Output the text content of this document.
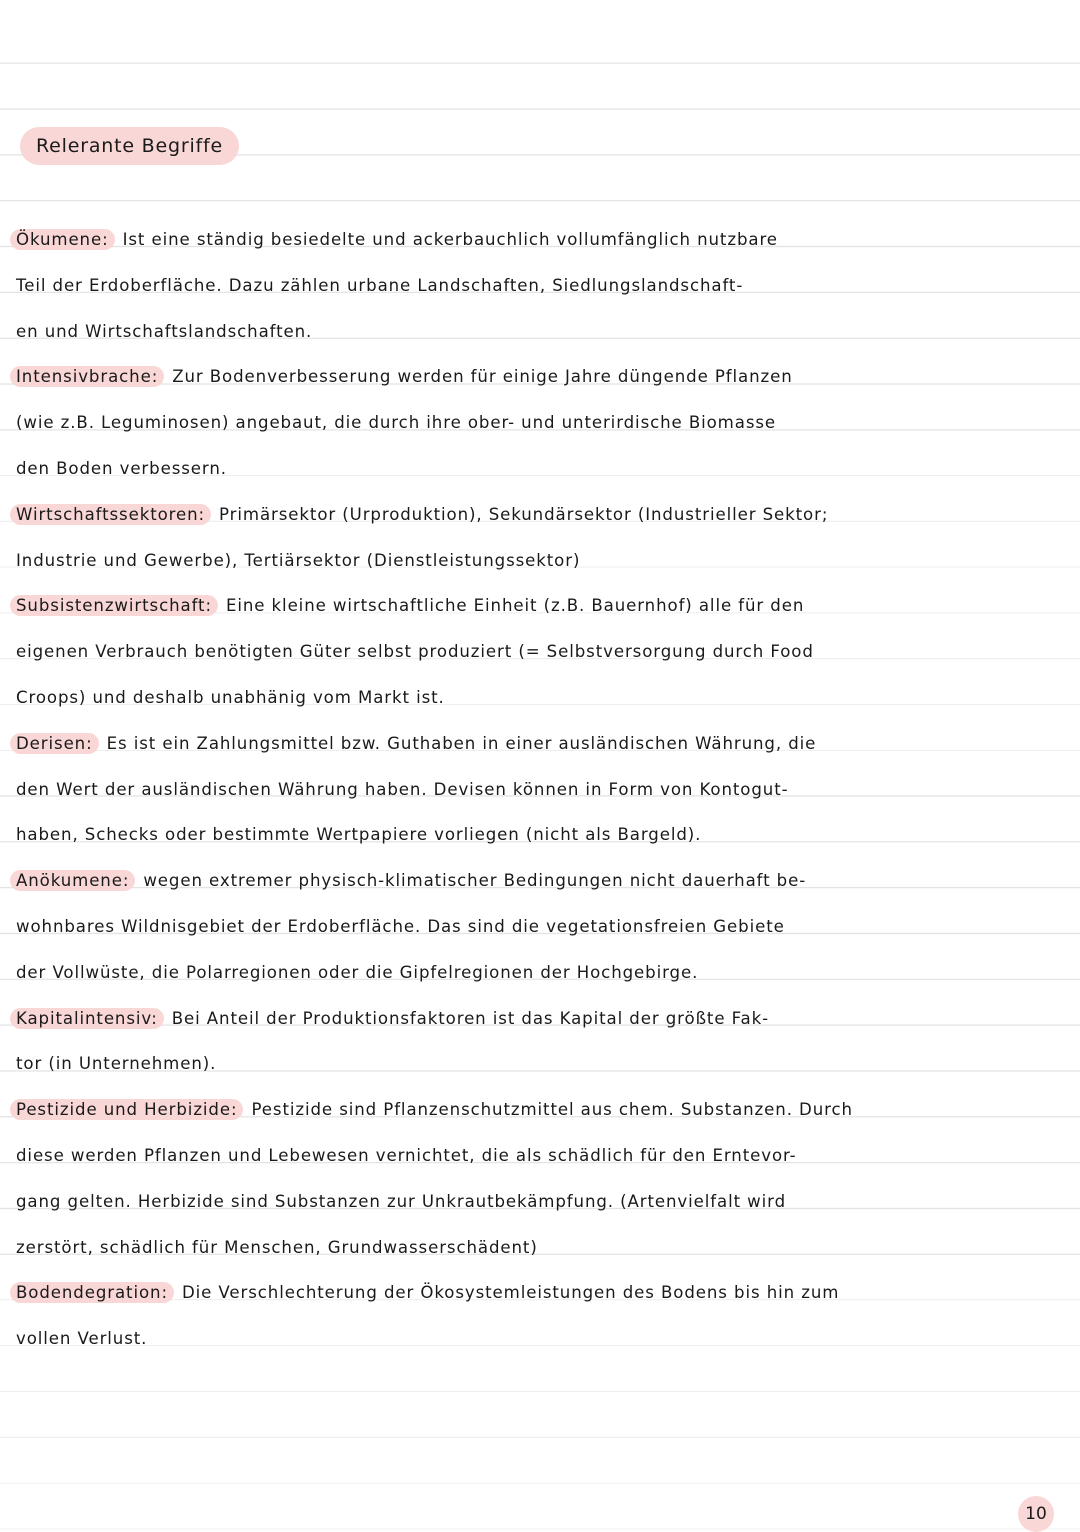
Relerante Begriffe
Ökumene: Ist eine ständig besiedelte und ackerbauchlich vollumfänglich nutzbare
Teil der Erdoberfläche. Dazu zählen urbane Landschaften, Siedlungslandschaft-
en und Wirtschaftslandschaften.
Intensivbrache: Zur Bodenverbesserung werden für einige Jahre düngende Pflanzen
(wie z.B. Leguminosen) angebaut, die durch ihre ober- und unterirdische Biomasse
den Boden verbessern.
Wirtschaftssektoren: Primärsektor (Urproduktion), Sekundärsektor (Industrieller Sektor;
Industrie und Gewerbe), Tertiärsektor (Dienstleistungssektor)
Subsistenzwirtschaft: Eine kleine wirtschaftliche Einheit (z.B. Bauernhof) alle für den
eigenen Verbrauch benötigten Güter selbst produziert (= Selbstversorgung durch Food
Croops) und deshalb unabhänig vom Markt ist.
Derisen: Es ist ein Zahlungsmittel bzw. Guthaben in einer ausländischen Währung, die
den Wert der ausländischen Währung haben. Devisen können in Form von Kontogut-
haben, Schecks oder bestimmte Wertpapiere vorliegen (nicht als Bargeld).
Anökumene: wegen extremer physisch-klimatischer Bedingungen nicht dauerhaft be-
wohnbares Wildnisgebiet der Erdoberfläche. Das sind die vegetationsfreien Gebiete
der Vollwüste, die Polarregionen oder die Gipfelregionen der Hochgebirge.
Kapitalintensiv: Bei Anteil der Produktionsfaktoren ist das Kapital der größte Fak-
tor (in Unternehmen).
Pestizide und Herbizide: Pestizide sind Pflanzenschutzmittel aus chem. Substanzen. Durch
diese werden Pflanzen und Lebewesen vernichtet, die als schädlich für den Erntevor-
gang gelten. Herbizide sind Substanzen zur Unkrautbekämpfung. (Artenvielfalt wird
zerstört, schädlich für Menschen, Grundwasserschädent)
Bodendegration: Die Verschlechterung der Ökosystemleistungen des Bodens bis hin zum
vollen Verlust.
10
